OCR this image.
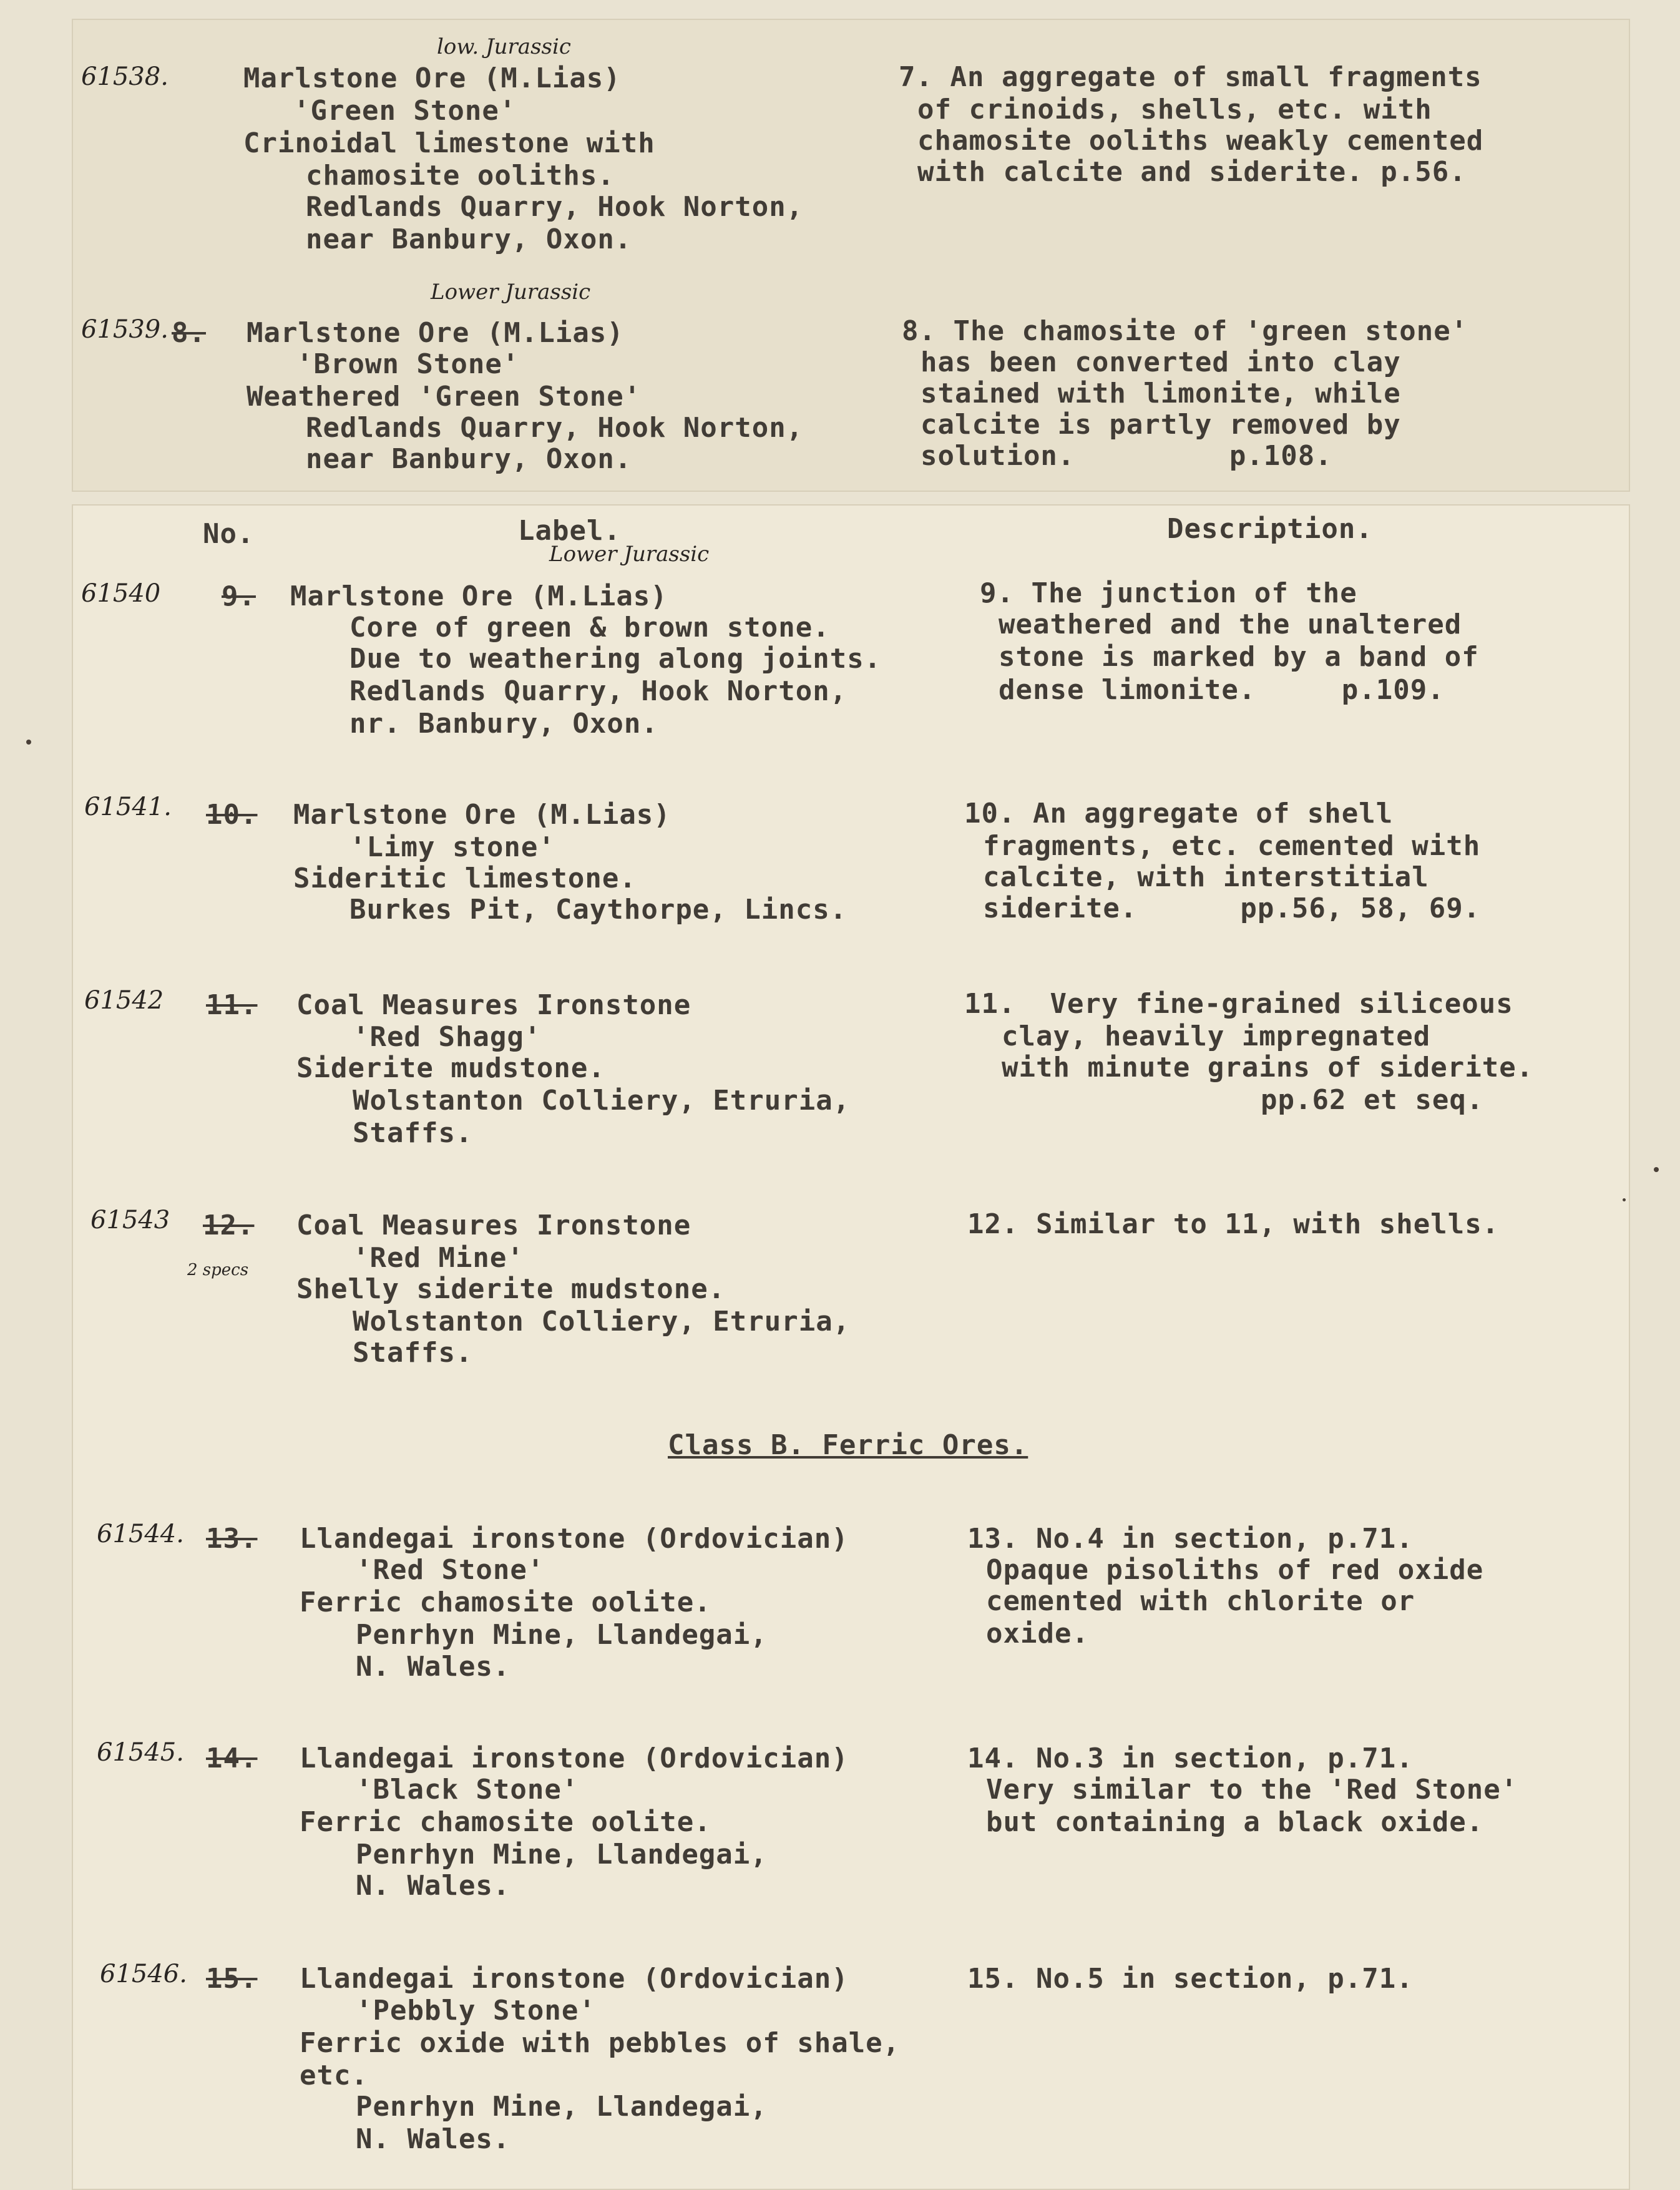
No.	Label.	Description.
61538.
low. Jurassic
Marlstone Ore (M.Lias)
'Green Stone'
Crinoidal limestone with
chamosite ooliths.
Redlands Quarry, Hook Norton,
near Banbury, Oxon.
7. An aggregate of small fragments
of crinoids, shells, etc. with
chamosite ooliths weakly cemented
with calcite and siderite. p.56.
61539. 8.
Lower Jurassic
Marlstone Ore (M.Lias)
'Brown Stone'
Weathered 'Green Stone'
Redlands Quarry, Hook Norton,
near Banbury, Oxon.
8. The chamosite of 'green stone'
has been converted into clay
stained with limonite, while
calcite is partly removed by
solution.         p.108.
61540 9.
Lower Jurassic
Marlstone Ore (M.Lias)
Core of green & brown stone.
Due to weathering along joints.
Redlands Quarry, Hook Norton,
nr. Banbury, Oxon.
9. The junction of the
weathered and the unaltered
stone is marked by a band of
dense limonite.     p.109.
61541. 10. Marlstone Ore (M.Lias)
'Limy stone'
Sideritic limestone.
Burkes Pit, Caythorpe, Lincs.
10. An aggregate of shell
fragments, etc. cemented with
calcite, with interstitial
siderite.      pp.56, 58, 69.
61542 11. Coal Measures Ironstone
'Red Shagg'
Siderite mudstone.
Wolstanton Colliery, Etruria,
Staffs.
11.  Very fine-grained siliceous
clay, heavily impregnated
with minute grains of siderite.
pp.62 et seq.
61543 12.
2 specs
Coal Measures Ironstone
'Red Mine'
Shelly siderite mudstone.
Wolstanton Colliery, Etruria,
Staffs.
12. Similar to 11, with shells.
Class B. Ferric Ores.
61544. 13. Llandegai ironstone (Ordovician)
'Red Stone'
Ferric chamosite oolite.
Penrhyn Mine, Llandegai,
N. Wales.
13. No.4 in section, p.71.
Opaque pisoliths of red oxide
cemented with chlorite or
oxide.
61545. 14. Llandegai ironstone (Ordovician)
'Black Stone'
Ferric chamosite oolite.
Penrhyn Mine, Llandegai,
N. Wales.
14. No.3 in section, p.71.
Very similar to the 'Red Stone'
but containing a black oxide.
61546. 15. Llandegai ironstone (Ordovician)
'Pebbly Stone'
Ferric oxide with pebbles of shale,
etc.
Penrhyn Mine, Llandegai,
N. Wales.
15. No.5 in section, p.71.
